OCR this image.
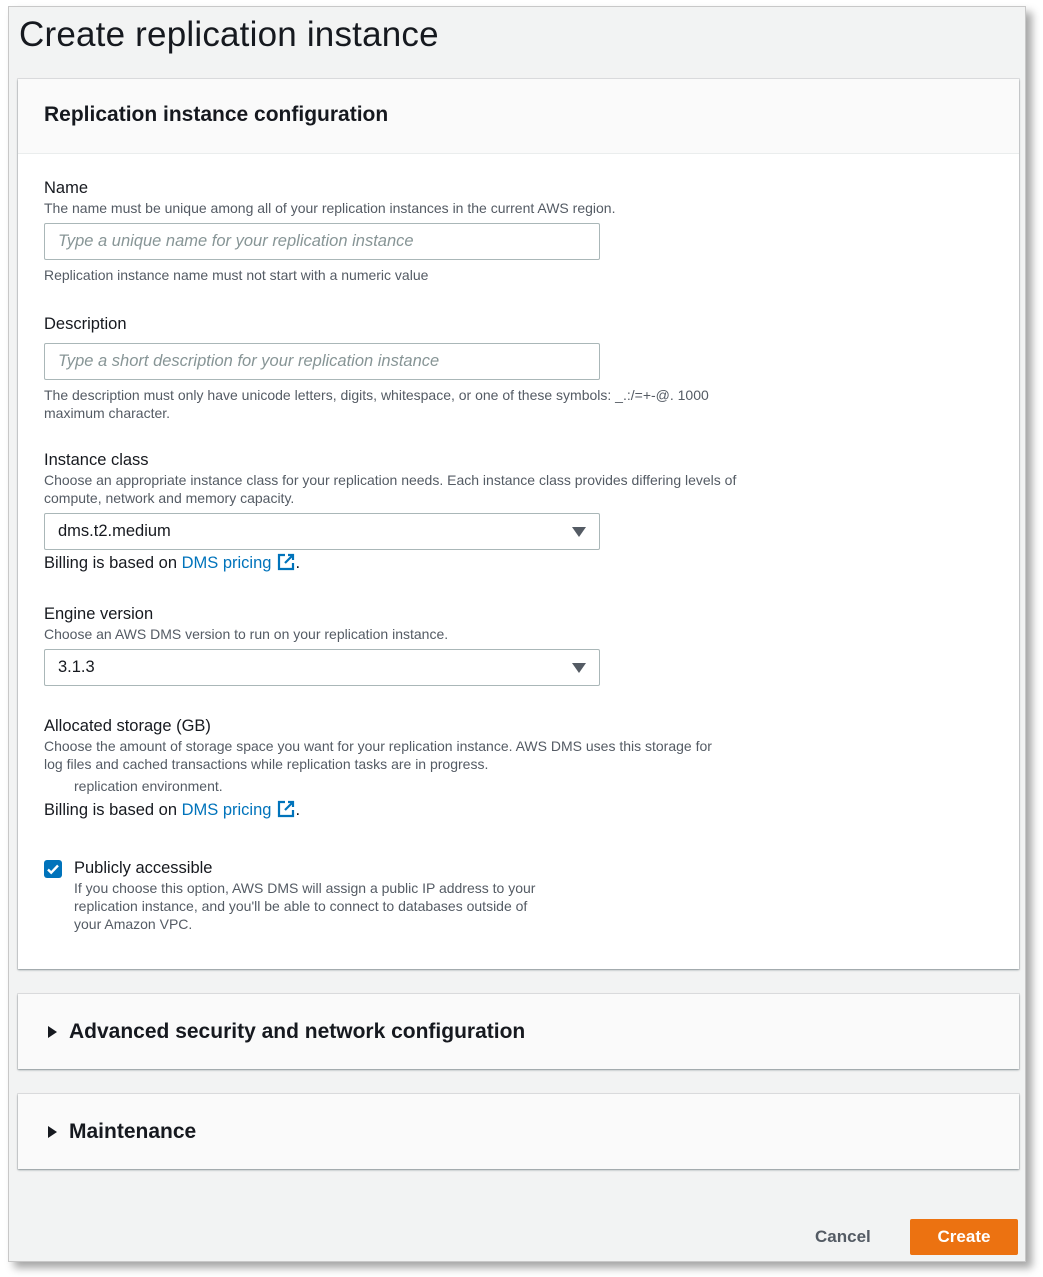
Create replication instance
Replication instance configuration
Name
The name must be unique among all of your replication instances in the current AWS region.
Type a unique name for your replication instance
Replication instance name must not start with a numeric value
Description
Type a short description for your replication instance
The description must only have unicode letters, digits, whitespace, or one of these symbols: _.:/=+-@. 1000
maximum character.
Instance class
Choose an appropriate instance class for your replication needs. Each instance class provides differing levels of
compute, network and memory capacity.
dms.t2.medium
Billing is based on DMS pricing .
Engine version
Choose an AWS DMS version to run on your replication instance.
3.1.3
Allocated storage (GB)
Choose the amount of storage space you want for your replication instance. AWS DMS uses this storage for
log files and cached transactions while replication tasks are in progress.
replication environment.
Billing is based on DMS pricing .
Publicly accessible
If you choose this option, AWS DMS will assign a public IP address to your
replication instance, and you'll be able to connect to databases outside of
your Amazon VPC.
Advanced security and network configuration
Maintenance
Cancel	Create
